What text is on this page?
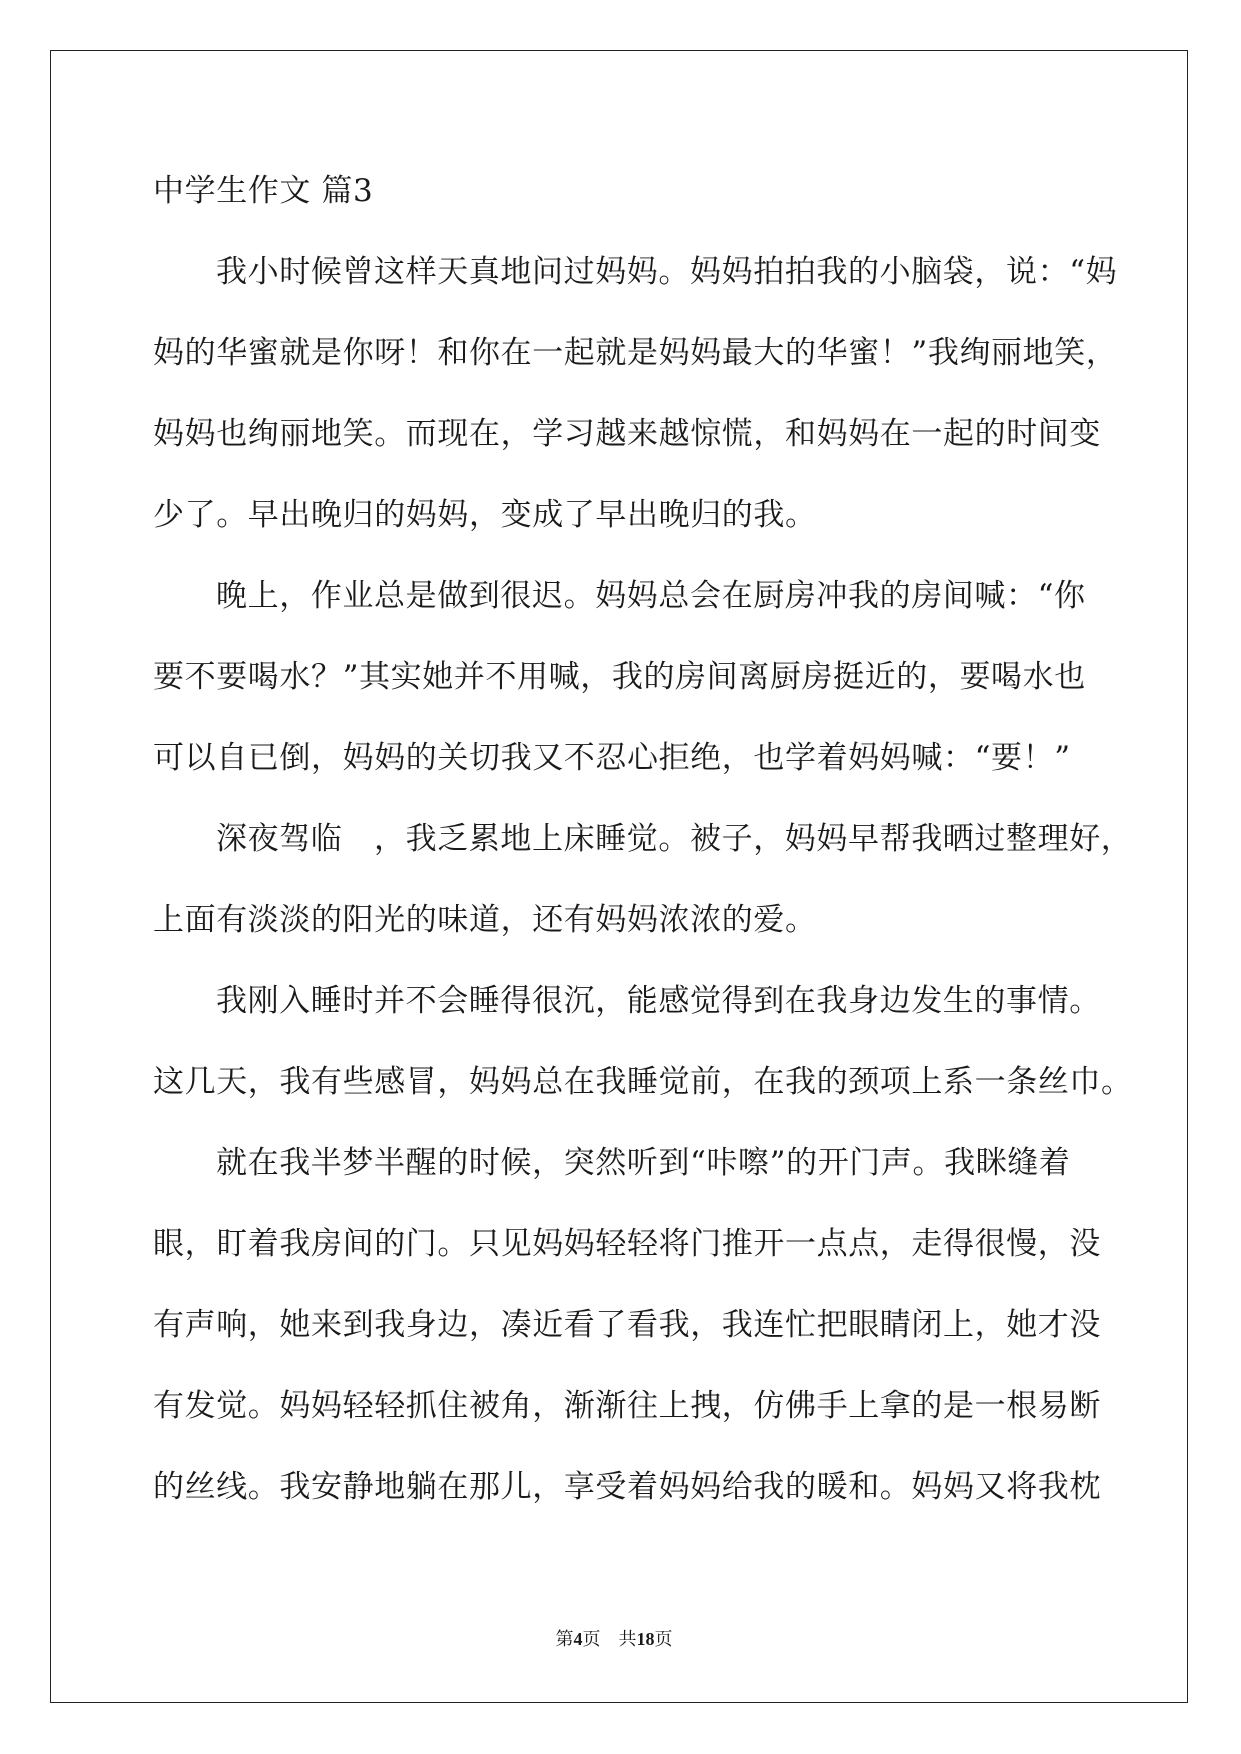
中学生作文 篇3
我小时候曾这样天真地问过妈妈。妈妈拍拍我的小脑袋，说：“妈
妈的华蜜就是你呀！和你在一起就是妈妈最大的华蜜！”我绚丽地笑，
妈妈也绚丽地笑。而现在，学习越来越惊慌，和妈妈在一起的时间变
少了。早出晚归的妈妈，变成了早出晚归的我。
晚上，作业总是做到很迟。妈妈总会在厨房冲我的房间喊：“你
要不要喝水？”其实她并不用喊，我的房间离厨房挺近的，要喝水也
可以自已倒，妈妈的关切我又不忍心拒绝，也学着妈妈喊：“要！”
深夜驾临　，我乏累地上床睡觉。被子，妈妈早帮我晒过整理好，
上面有淡淡的阳光的味道，还有妈妈浓浓的爱。
我刚入睡时并不会睡得很沉，能感觉得到在我身边发生的事情。
这几天，我有些感冒，妈妈总在我睡觉前，在我的颈项上系一条丝巾。
就在我半梦半醒的时候，突然听到“咔嚓”的开门声。我眯缝着
眼，盯着我房间的门。只见妈妈轻轻将门推开一点点，走得很慢，没
有声响，她来到我身边，凑近看了看我，我连忙把眼睛闭上，她才没
有发觉。妈妈轻轻抓住被角，渐渐往上拽，仿佛手上拿的是一根易断
的丝线。我安静地躺在那儿，享受着妈妈给我的暖和。妈妈又将我枕
第4页　共18页
